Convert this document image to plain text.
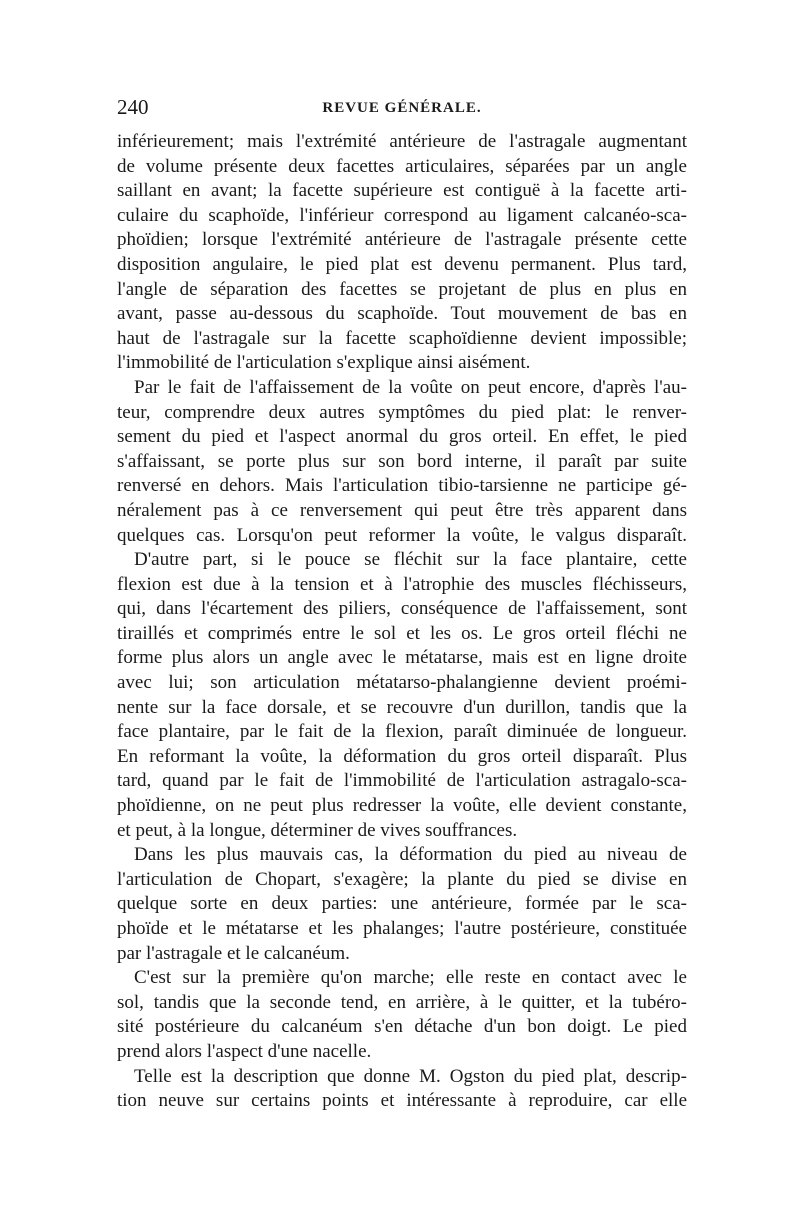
240	REVUE GÉNÉRALE.
inférieurement; mais l'extrémité antérieure de l'astragale augmentant
de volume présente deux facettes articulaires, séparées par un angle
saillant en avant; la facette supérieure est contiguë à la facette arti-
culaire du scaphoïde, l'inférieur correspond au ligament calcanéo-sca-
phoïdien; lorsque l'extrémité antérieure de l'astragale présente cette
disposition angulaire, le pied plat est devenu permanent. Plus tard,
l'angle de séparation des facettes se projetant de plus en plus en
avant, passe au-dessous du scaphoïde. Tout mouvement de bas en
haut de l'astragale sur la facette scaphoïdienne devient impossible;
l'immobilité de l'articulation s'explique ainsi aisément.
Par le fait de l'affaissement de la voûte on peut encore, d'après l'au-
teur, comprendre deux autres symptômes du pied plat: le renver-
sement du pied et l'aspect anormal du gros orteil. En effet, le pied
s'affaissant, se porte plus sur son bord interne, il paraît par suite
renversé en dehors. Mais l'articulation tibio-tarsienne ne participe gé-
néralement pas à ce renversement qui peut être très apparent dans
quelques cas. Lorsqu'on peut reformer la voûte, le valgus disparaît.
D'autre part, si le pouce se fléchit sur la face plantaire, cette
flexion est due à la tension et à l'atrophie des muscles fléchisseurs,
qui, dans l'écartement des piliers, conséquence de l'affaissement, sont
tiraillés et comprimés entre le sol et les os. Le gros orteil fléchi ne
forme plus alors un angle avec le métatarse, mais est en ligne droite
avec lui; son articulation métatarso-phalangienne devient proémi-
nente sur la face dorsale, et se recouvre d'un durillon, tandis que la
face plantaire, par le fait de la flexion, paraît diminuée de longueur.
En reformant la voûte, la déformation du gros orteil disparaît. Plus
tard, quand par le fait de l'immobilité de l'articulation astragalo-sca-
phoïdienne, on ne peut plus redresser la voûte, elle devient constante,
et peut, à la longue, déterminer de vives souffrances.
Dans les plus mauvais cas, la déformation du pied au niveau de
l'articulation de Chopart, s'exagère; la plante du pied se divise en
quelque sorte en deux parties: une antérieure, formée par le sca-
phoïde et le métatarse et les phalanges; l'autre postérieure, constituée
par l'astragale et le calcanéum.
C'est sur la première qu'on marche; elle reste en contact avec le
sol, tandis que la seconde tend, en arrière, à le quitter, et la tubéro-
sité postérieure du calcanéum s'en détache d'un bon doigt. Le pied
prend alors l'aspect d'une nacelle.
Telle est la description que donne M. Ogston du pied plat, descrip-
tion neuve sur certains points et intéressante à reproduire, car elle
